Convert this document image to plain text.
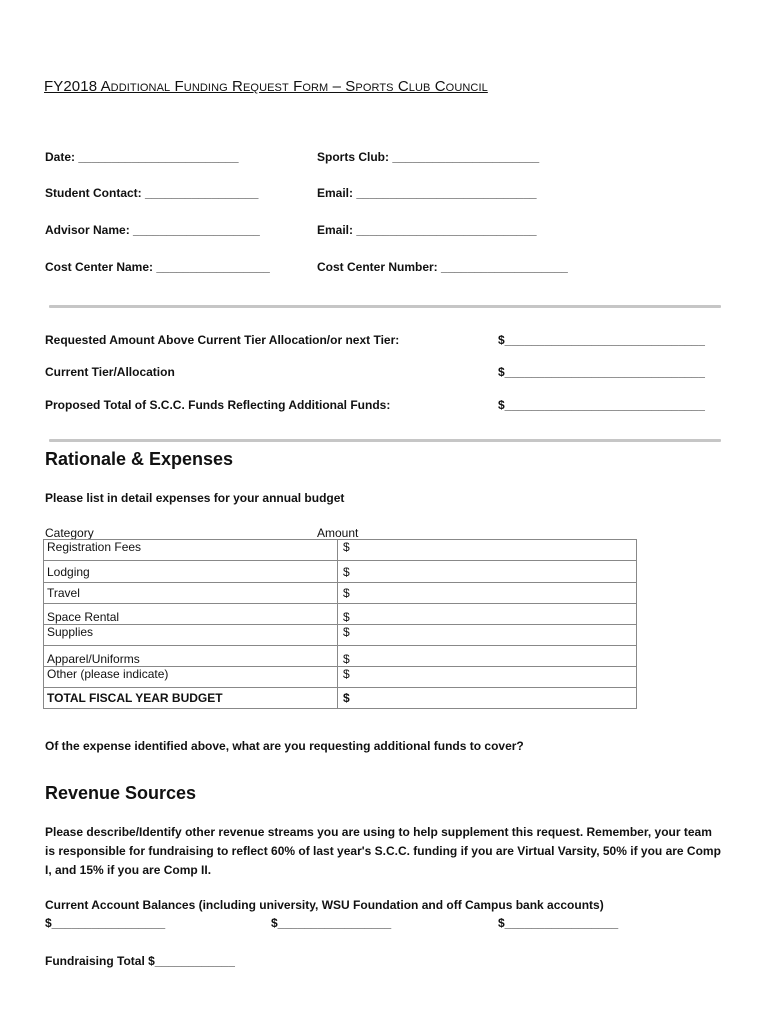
FY2018 Additional Funding Request Form – Sports Club Council
Date: ________________________	Sports Club: ______________________
Student Contact: _________________	Email: ___________________________
Advisor Name: ___________________	Email: ___________________________
Cost Center Name: _________________	Cost Center Number: ___________________
Requested Amount Above Current Tier Allocation/or next Tier:	$______________________________
Current Tier/Allocation	$______________________________
Proposed Total of S.C.C. Funds Reflecting Additional Funds:	$______________________________
Rationale & Expenses
Please list in detail expenses for your annual budget
Category	Amount
Registration Fees	$
Lodging	$
Travel	$
Space Rental	$
Supplies	$
Apparel/Uniforms	$
Other (please indicate)	$
TOTAL FISCAL YEAR BUDGET	$
Of the expense identified above, what are you requesting additional funds to cover?
Revenue Sources
Please describe/Identify other revenue streams you are using to help supplement this request. Remember, your team is responsible for fundraising to reflect 60% of last year's S.C.C. funding if you are Virtual Varsity, 50% if you are Comp I, and 15% if you are Comp II.
Current Account Balances (including university, WSU Foundation and off Campus bank accounts)
$_________________	$_________________	$_________________
Fundraising Total $____________
